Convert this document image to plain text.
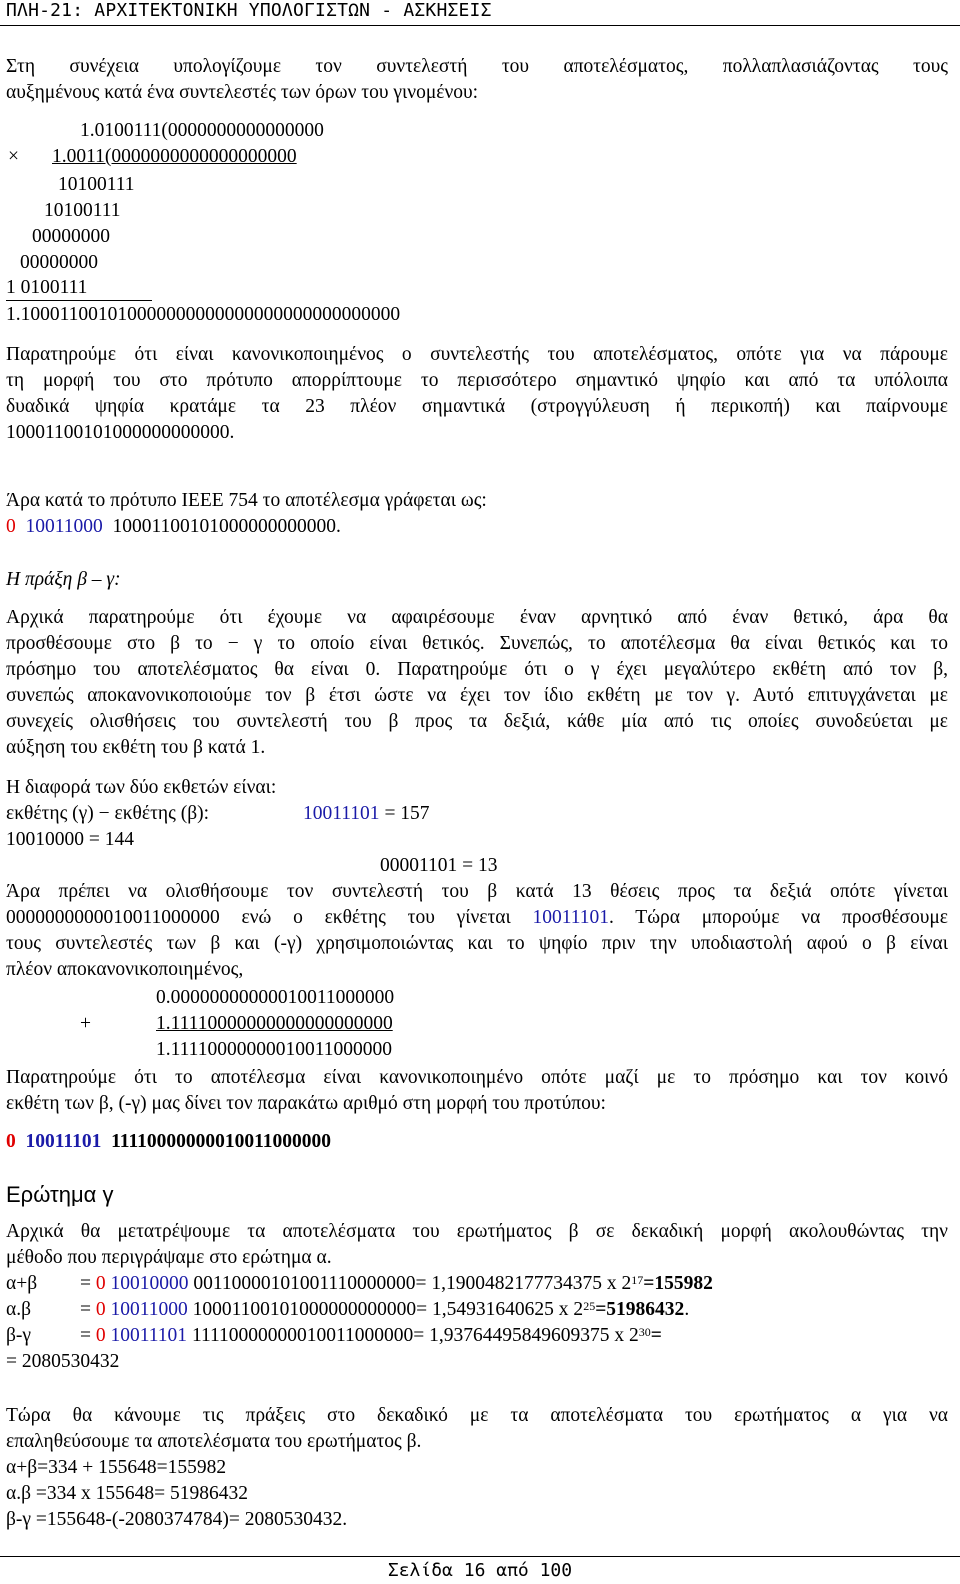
ΠΛΗ-21: ΑΡΧΙΤΕΚΤΟΝΙΚΗ ΥΠΟΛΟΓΙΣΤΩΝ - ΑΣΚΗΣΕΙΣ
Στη συνέχεια υπολογίζουμε τον συντελεστή του αποτελέσματος, πολλαπλασιάζοντας τους
αυξημένους κατά ένα συντελεστές των όρων του γινομένου:
1.0100111(0000000000000000
× 1.0011(0000000000000000000
10100111
10100111
00000000
00000000
1 0100111
1.100011001010000000000000000000000000000
Παρατηρούμε ότι είναι κανονικοποιημένος ο συντελεστής του αποτελέσματος, οπότε για να πάρουμε
τη μορφή του στο πρότυπο απορρίπτουμε το περισσότερο σημαντικό ψηφίο και από τα υπόλοιπα
δυαδικά ψηφία κρατάμε τα 23 πλέον σημαντικά (στρογγύλευση ή περικοπή) και παίρνουμε
10001100101000000000000.
Άρα κατά το πρότυπο IEEE 754 το αποτέλεσμα γράφεται ως:
0 10011000 10001100101000000000000.
Η πράξη β – γ:
Αρχικά παρατηρούμε ότι έχουμε να αφαιρέσουμε έναν αρνητικό από έναν θετικό, άρα θα
προσθέσουμε στο β το − γ το οποίο είναι θετικός. Συνεπώς, το αποτέλεσμα θα είναι θετικός και το
πρόσημο του αποτελέσματος θα είναι 0. Παρατηρούμε ότι ο γ έχει μεγαλύτερο εκθέτη από τον β,
συνεπώς αποκανονικοποιούμε τον β έτσι ώστε να έχει τον ίδιο εκθέτη με τον γ. Αυτό επιτυγχάνεται με
συνεχείς ολισθήσεις του συντελεστή του β προς τα δεξιά, κάθε μία από τις οποίες συνοδεύεται με
αύξηση του εκθέτη του β κατά 1.
Η διαφορά των δύο εκθετών είναι:
εκθέτης (γ) − εκθέτης (β):	10011101 = 157
10010000 = 144
00001101 = 13
Άρα πρέπει να ολισθήσουμε τον συντελεστή του β κατά 13 θέσεις προς τα δεξιά οπότε γίνεται
0000000000010011000000 ενώ ο εκθέτης του γίνεται 10011101. Τώρα μπορούμε να προσθέσουμε
τους συντελεστές των β και (-γ) χρησιμοποιώντας και το ψηφίο πριν την υποδιαστολή αφού ο β είναι
πλέον αποκανονικοποιημένος,
0.00000000000010011000000
+	1.11110000000000000000000
1.11110000000010011000000
Παρατηρούμε ότι το αποτέλεσμα είναι κανονικοποιημένο οπότε μαζί με το πρόσημο και τον κοινό
εκθέτη των β, (-γ) μας δίνει τον παρακάτω αριθμό στη μορφή του προτύπου:
0 10011101 11110000000010011000000
Ερώτημα γ
Αρχικά θα μετατρέψουμε τα αποτελέσματα του ερωτήματος β σε δεκαδική μορφή ακολουθώντας την
μέθοδο που περιγράψαμε στο ερώτημα α.
α+β = 0 10010000 00110000101001110000000= 1,1900482177734375 x $2^{17}=155982$
α.β	= 0 10011000 10001100101000000000000= 1,54931640625 x $2^{25}=51986432$.
β-γ	= 0 10011101 11110000000010011000000= 1,93764495849609375 x $2^{30}=$
= 2080530432
Τώρα θα κάνουμε τις πράξεις στο δεκαδικό με τα αποτελέσματα του ερωτήματος α για να
επαληθεύσουμε τα αποτελέσματα του ερωτήματος β.
α+β=334 + 155648=155982
α.β =334 x 155648= 51986432
β-γ =155648-(-2080374784)= 2080530432.
Σελίδα 16 από 100
